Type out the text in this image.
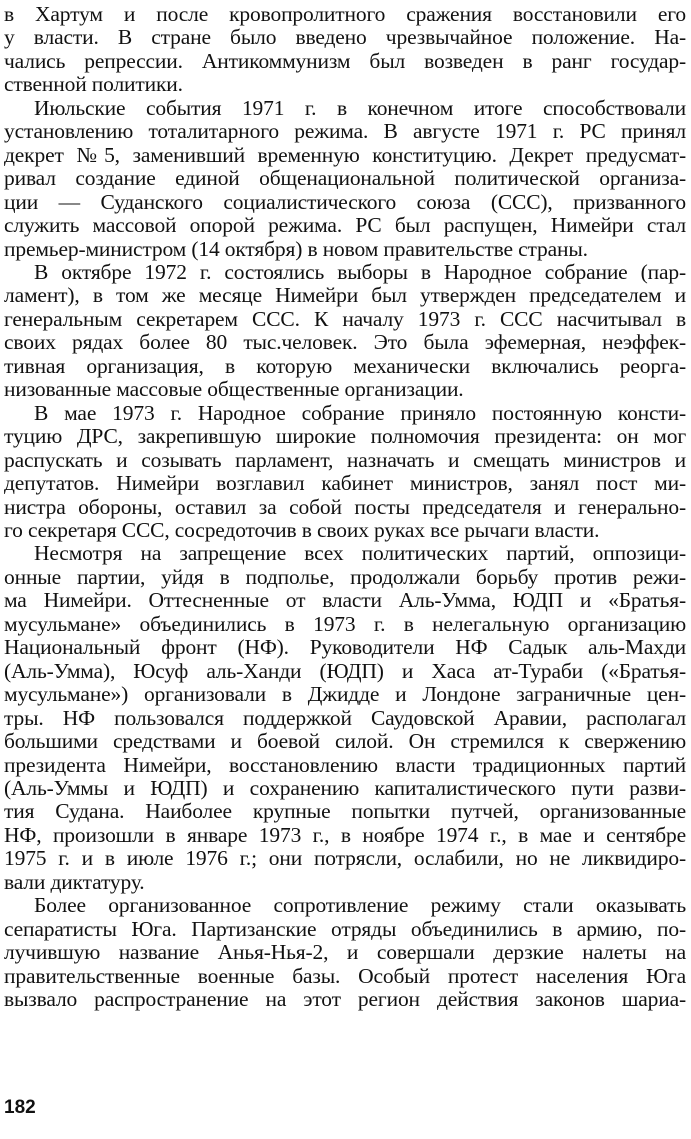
в Хартум и после кровопролитного сражения восстановили его
у власти. В стране было введено чрезвычайное положение. На-
чались репрессии. Антикоммунизм был возведен в ранг государ-
ственной политики.
Июльские события 1971 г. в конечном итоге способствовали
установлению тоталитарного режима. В августе 1971 г. РС принял
декрет №5, заменивший временную конституцию. Декрет предусмат-
ривал создание единой общенациональной политической организа-
ции — Суданского социалистического союза (ССС), призванного
служить массовой опорой режима. РС был распущен, Нимейри стал
премьер-министром (14 октября) в новом правительстве страны.
В октябре 1972 г. состоялись выборы в Народное собрание (пар-
ламент), в том же месяце Нимейри был утвержден председателем и
генеральным секретарем ССС. К началу 1973 г. ССС насчитывал в
своих рядах более 80 тыс.человек. Это была эфемерная, неэффек-
тивная организация, в которую механически включались реорга-
низованные массовые общественные организации.
В мае 1973 г. Народное собрание приняло постоянную консти-
туцию ДРС, закрепившую широкие полномочия президента: он мог
распускать и созывать парламент, назначать и смещать министров и
депутатов. Нимейри возглавил кабинет министров, занял пост ми-
нистра обороны, оставил за собой посты председателя и генерально-
го секретаря ССС, сосредоточив в своих руках все рычаги власти.
Несмотря на запрещение всех политических партий, оппозици-
онные партии, уйдя в подполье, продолжали борьбу против режи-
ма Нимейри. Оттесненные от власти Аль-Умма, ЮДП и «Братья-
мусульмане» объединились в 1973 г. в нелегальную организацию
Национальный фронт (НФ). Руководители НФ Садык аль-Махди
(Аль-Умма), Юсуф аль-Ханди (ЮДП) и Хаса ат-Тураби («Братья-
мусульмане») организовали в Джидде и Лондоне заграничные цен-
тры. НФ пользовался поддержкой Саудовской Аравии, располагал
большими средствами и боевой силой. Он стремился к свержению
президента Нимейри, восстановлению власти традиционных партий
(Аль-Уммы и ЮДП) и сохранению капиталистического пути разви-
тия Судана. Наиболее крупные попытки путчей, организованные
НФ, произошли в январе 1973 г., в ноябре 1974 г., в мае и сентябре
1975 г. и в июле 1976 г.; они потрясли, ослабили, но не ликвидиро-
вали диктатуру.
Более организованное сопротивление режиму стали оказывать
сепаратисты Юга. Партизанские отряды объединились в армию, по-
лучившую название Анья-Нья-2, и совершали дерзкие налеты на
правительственные военные базы. Особый протест населения Юга
вызвало распространение на этот регион действия законов шариа-
182
